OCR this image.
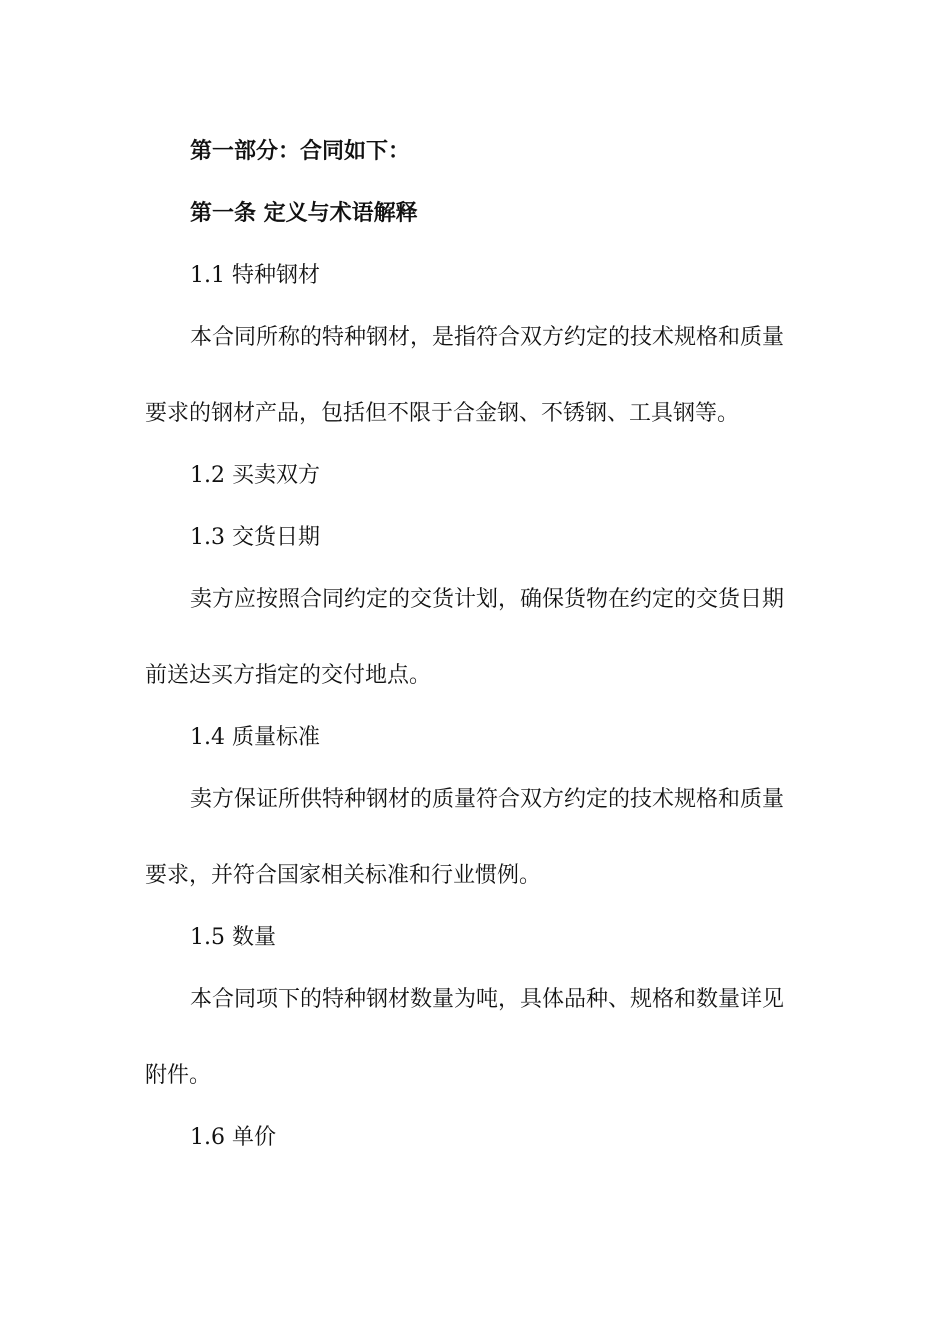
第一部分：合同如下：
第一条 定义与术语解释
1.1 特种钢材
本合同所称的特种钢材，是指符合双方约定的技术规格和质量
要求的钢材产品，包括但不限于合金钢、不锈钢、工具钢等。
1.2 买卖双方
1.3 交货日期
卖方应按照合同约定的交货计划，确保货物在约定的交货日期
前送达买方指定的交付地点。
1.4 质量标准
卖方保证所供特种钢材的质量符合双方约定的技术规格和质量
要求，并符合国家相关标准和行业惯例。
1.5 数量
本合同项下的特种钢材数量为吨，具体品种、规格和数量详见
附件。
1.6 单价
